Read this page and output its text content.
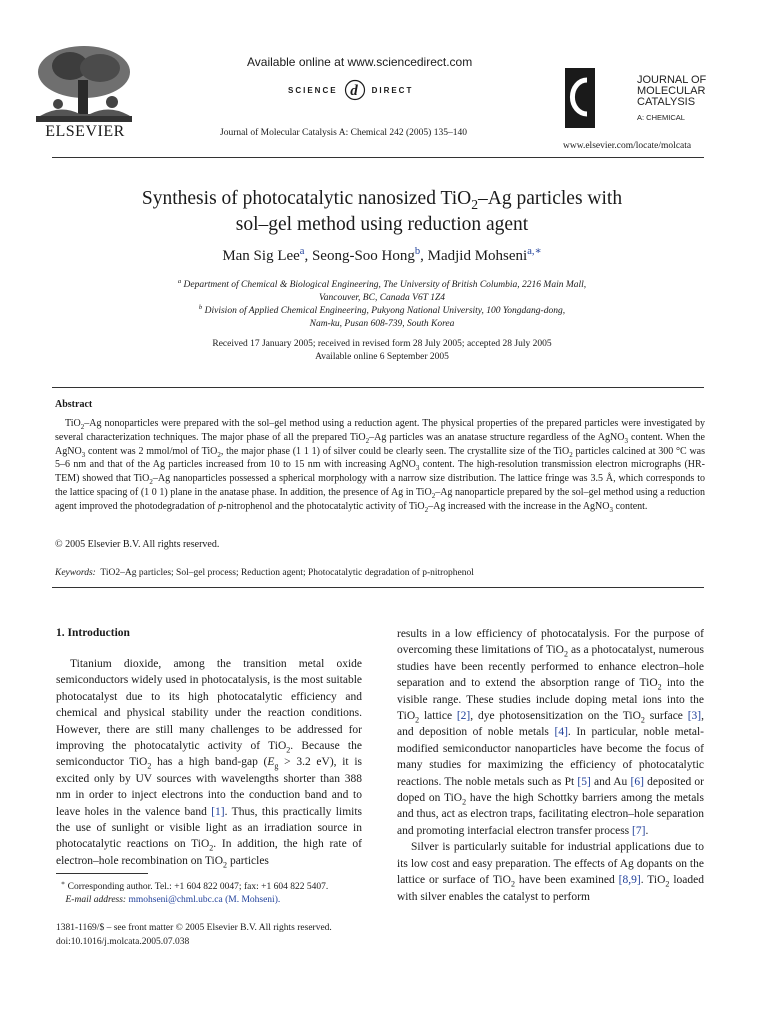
ELSEVIER
Available online at www.sciencedirect.com
SCIENCE d DIRECT
Journal of Molecular Catalysis A: Chemical 242 (2005) 135–140
JOURNAL OF
MOLECULAR
CATALYSIS
A: CHEMICAL
www.elsevier.com/locate/molcata
Synthesis of photocatalytic nanosized TiO$_2$–Ag particles with
sol–gel method using reduction agent
Man Sig Lee$^a$, Seong-Soo Hong$^b$, Madjid Mohseni$^{a,∗}$
$^a$ Department of Chemical & Biological Engineering, The University of British Columbia, 2216 Main Mall,
Vancouver, BC, Canada V6T 1Z4
$^b$ Division of Applied Chemical Engineering, Pukyong National University, 100 Yongdang-dong,
Nam-ku, Pusan 608-739, South Korea
Received 17 January 2005; received in revised form 28 July 2005; accepted 28 July 2005
Available online 6 September 2005
Abstract
TiO$_2$–Ag nonoparticles were prepared with the sol–gel method using a reduction agent. The physical properties of the prepared particles were investigated by several characterization techniques. The major phase of all the prepared TiO$_2$–Ag particles was an anatase structure regardless of the AgNO$_3$ content. When the AgNO$_3$ content was 2 mmol/mol of TiO$_2$, the major phase (1 1 1) of silver could be clearly seen. The crystallite size of the TiO$_2$ particles calcined at 300 °C was 5–6 nm and that of the Ag particles increased from 10 to 15 nm with increasing AgNO$_3$ content. The high-resolution transmission electron micrographs (HR-TEM) showed that TiO$_2$–Ag nanoparticles possessed a spherical morphology with a narrow size distribution. The lattice fringe was 3.5 Å, which corresponds to the lattice spacing of (1 0 1) plane in the anatase phase. In addition, the presence of Ag in TiO$_2$–Ag nanoparticle prepared by the sol–gel method using a reduction agent improved the photodegradation of p-nitrophenol and the photocatalytic activity of TiO$_2$–Ag increased with the increase in the AgNO$_3$ content.
© 2005 Elsevier B.V. All rights reserved.
Keywords: TiO2–Ag particles; Sol–gel process; Reduction agent; Photocatalytic degradation of p-nitrophenol
1. Introduction
Titanium dioxide, among the transition metal oxide semiconductors widely used in photocatalysis, is the most suitable photocatalyst due to its high photocatalytic efficiency and chemical and physical stability under the reaction conditions. However, there are still many challenges to be addressed for improving the photocatalytic activity of TiO$_2$. Because the semiconductor TiO$_2$ has a high band-gap ($E_g > 3.2$ eV), it is excited only by UV sources with wavelengths shorter than 388 nm in order to inject electrons into the conduction band and to leave holes in the valence band [1]. Thus, this practically limits the use of sunlight or visible light as an irradiation source in photocatalytic reactions on TiO$_2$. In addition, the high rate of electron–hole recombination on TiO$_2$ particles
results in a low efficiency of photocatalysis. For the purpose of overcoming these limitations of TiO$_2$ as a photocatalyst, numerous studies have been recently performed to enhance electron–hole separation and to extend the absorption range of TiO$_2$ into the visible range. These studies include doping metal ions into the TiO$_2$ lattice [2], dye photosensitization on the TiO$_2$ surface [3], and deposition of noble metals [4]. In particular, noble metal-modified semiconductor nanoparticles have become the focus of many studies for maximizing the efficiency of photocatalytic reactions. The noble metals such as Pt [5] and Au [6] deposited or doped on TiO$_2$ have the high Schottky barriers among the metals and thus, act as electron traps, facilitating electron–hole separation and promoting interfacial electron transfer process [7].
Silver is particularly suitable for industrial applications due to its low cost and easy preparation. The effects of Ag dopants on the lattice or surface of TiO$_2$ have been examined [8,9]. TiO$_2$ loaded with silver enables the catalyst to perform
∗ Corresponding author. Tel.: +1 604 822 0047; fax: +1 604 822 5407.
E-mail address: mmohseni@chml.ubc.ca (M. Mohseni).
1381-1169/$ – see front matter © 2005 Elsevier B.V. All rights reserved.
doi:10.1016/j.molcata.2005.07.038
